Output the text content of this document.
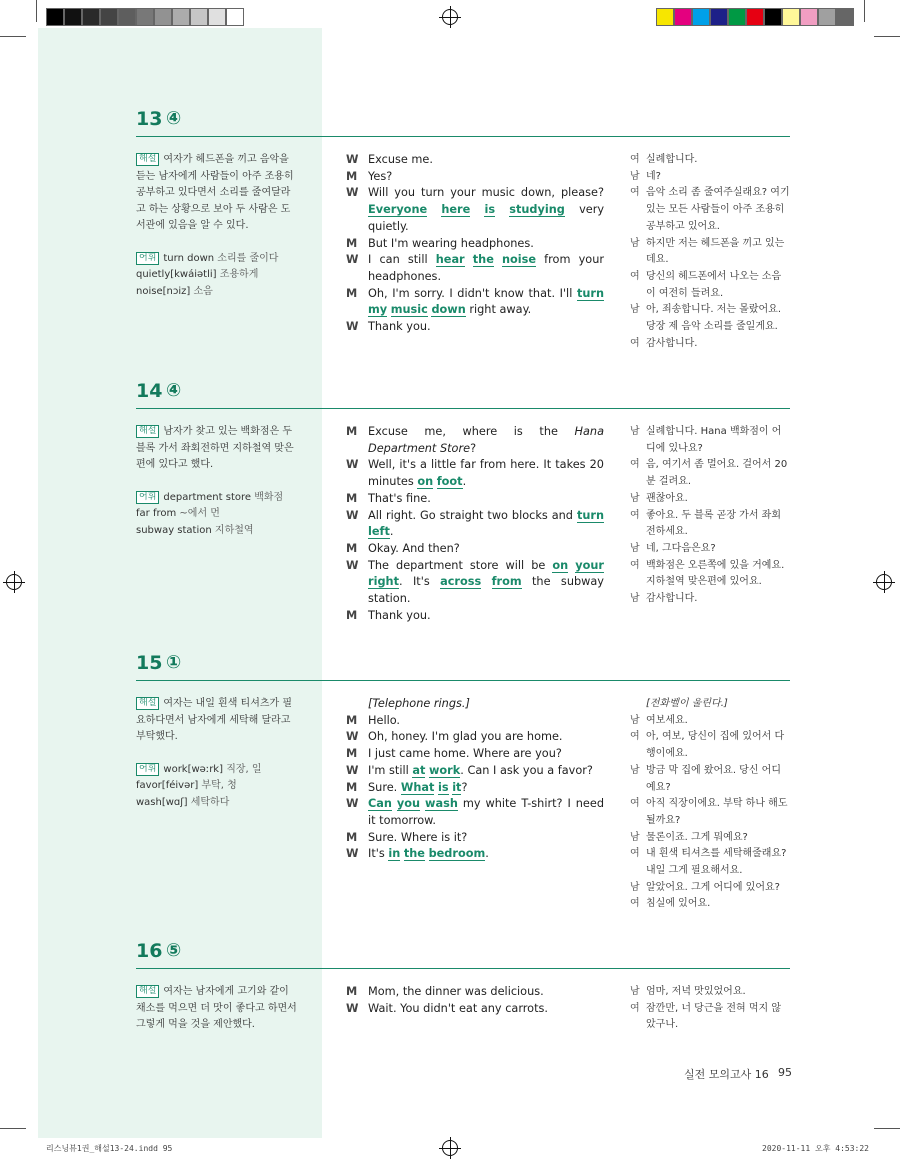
13 ④
해설 여자가 헤드폰을 끼고 음악을 듣는 남자에게 사람들이 아주 조용히 공부하고 있다면서 소리를 줄여달라고 하는 상황으로 보아 두 사람은 도서관에 있음을 알 수 있다.
어휘 turn down 소리를 줄이다
quietly[kwáiətli] 조용하게
noise[nɔiz] 소음
W Excuse me.
M Yes?
W Will you turn your music down, please? Everyone here is studying very quietly.
M But I'm wearing headphones.
W I can still hear the noise from your headphones.
M Oh, I'm sorry. I didn't know that. I'll turn my music down right away.
W Thank you.
여 실례합니다.
남 네?
여 음악 소리 좀 줄여주실래요? 여기 있는 모든 사람들이 아주 조용히 공부하고 있어요.
남 하지만 저는 헤드폰을 끼고 있는데요.
여 당신의 헤드폰에서 나오는 소음이 여전히 들려요.
남 아, 죄송합니다. 저는 몰랐어요. 당장 제 음악 소리를 줄일게요.
여 감사합니다.
14 ④
해설 남자가 찾고 있는 백화점은 두 블록 가서 좌회전하면 지하철역 맞은편에 있다고 했다.
어휘 department store 백화점
far from ~에서 먼
subway station 지하철역
M Excuse me, where is the Hana Department Store?
W Well, it's a little far from here. It takes 20 minutes on foot.
M That's fine.
W All right. Go straight two blocks and turn left.
M Okay. And then?
W The department store will be on your right. It's across from the subway station.
M Thank you.
남 실례합니다. Hana 백화점이 어디에 있나요?
여 음, 여기서 좀 멀어요. 걸어서 20분 걸려요.
남 괜찮아요.
여 좋아요. 두 블록 곧장 가서 좌회전하세요.
남 네, 그다음은요?
여 백화점은 오른쪽에 있을 거예요. 지하철역 맞은편에 있어요.
남 감사합니다.
15 ①
해설 여자는 내일 흰색 티셔츠가 필요하다면서 남자에게 세탁해 달라고 부탁했다.
어휘 work[wəːrk] 직장, 일
favor[féivər] 부탁, 청
wash[wɑʃ] 세탁하다
[Telephone rings.]
M Hello.
W Oh, honey. I'm glad you are home.
M I just came home. Where are you?
W I'm still at work. Can I ask you a favor?
M Sure. What is it?
W Can you wash my white T-shirt? I need it tomorrow.
M Sure. Where is it?
W It's in the bedroom.
[전화벨이 울린다.]
남 여보세요.
여 아, 여보, 당신이 집에 있어서 다행이에요.
남 방금 막 집에 왔어요. 당신 어디예요?
여 아직 직장이에요. 부탁 하나 해도 될까요?
남 물론이죠. 그게 뭐예요?
여 내 흰색 티셔츠를 세탁해줄래요? 내일 그게 필요해서요.
남 알았어요. 그게 어디에 있어요?
여 침실에 있어요.
16 ⑤
해설 여자는 남자에게 고기와 같이 채소를 먹으면 더 맛이 좋다고 하면서 그렇게 먹을 것을 제안했다.
M Mom, the dinner was delicious.
W Wait. You didn't eat any carrots.
남 엄마, 저녁 맛있었어요.
여 잠깐만, 너 당근을 전혀 먹지 않았구나.
실전 모의고사 16 95
리스닝뷰1권_해설13-24.indd 95	2020-11-11 오후 4:53:22
